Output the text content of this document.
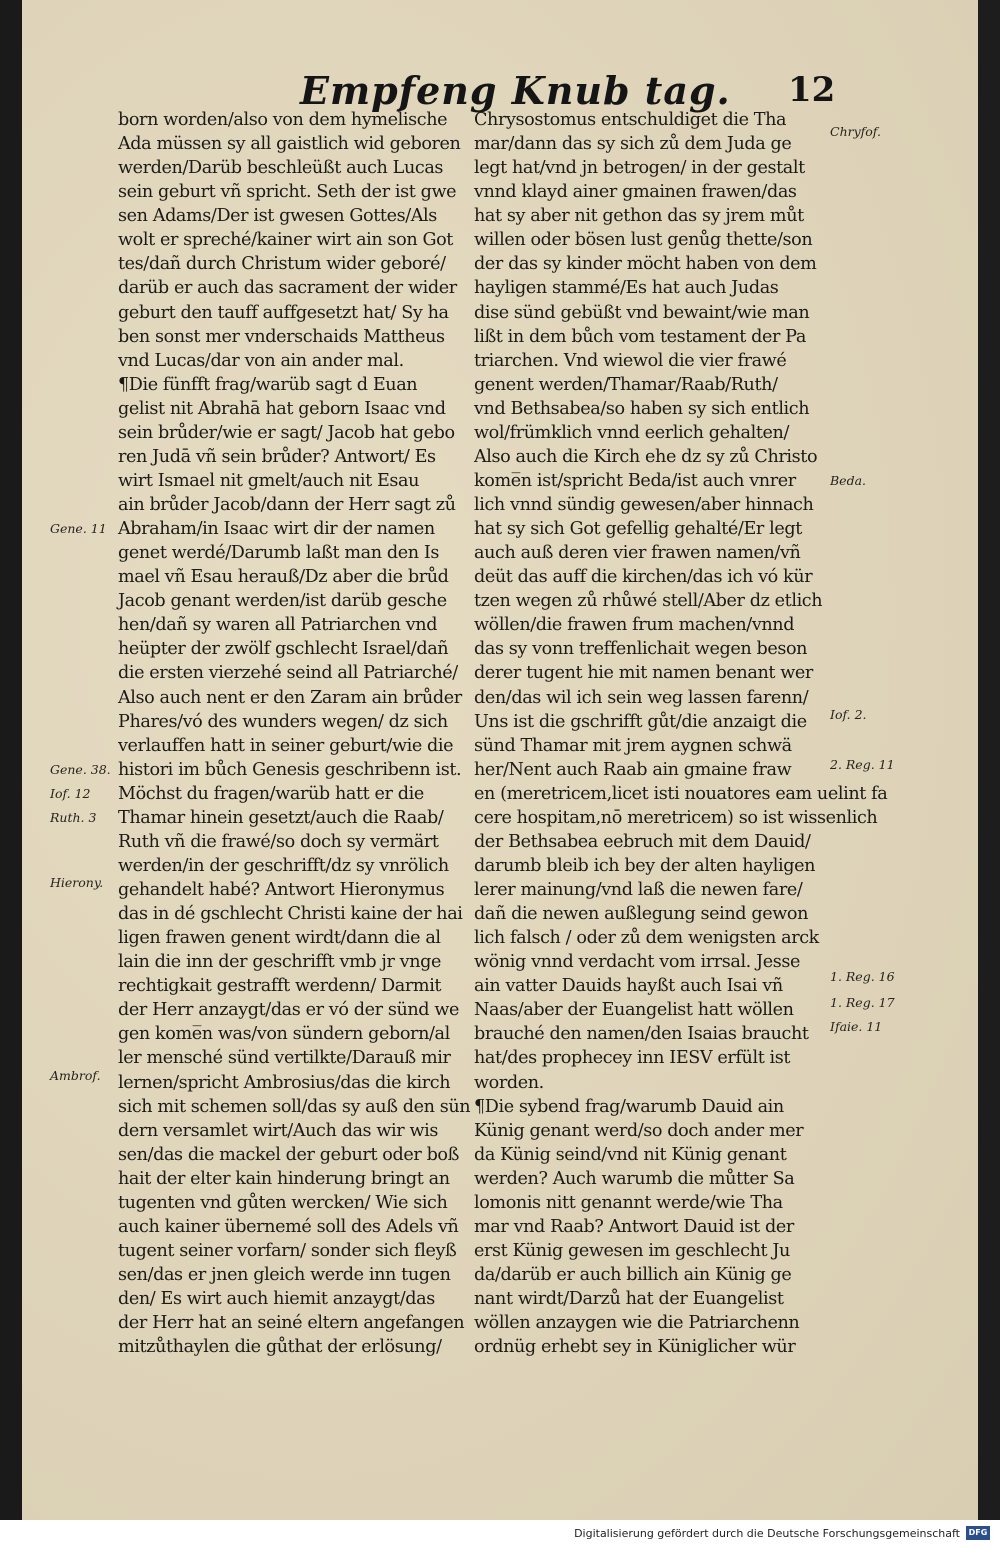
Empfeng Knub tag. 12
born worden/also von dem hymelische
Ada müssen sy all gaistlich wid geboren
werden/Darüb beschleüßt auch Lucas
sein geburt vñ spricht. Seth der ist gwe
sen Adams/Der ist gwesen Gottes/Als
wolt er spreché/kainer wirt ain son Got
tes/dañ durch Christum wider geboré/
darüb er auch das sacrament der wider
geburt den tauff auffgesetzt hat/ Sy ha
ben sonst mer vnderschaids Mattheus
vnd Lucas/dar von ain ander mal.
¶Die fünfft frag/warüb sagt d Euan
gelist nit Abrahā hat geborn Isaac vnd
sein brůder/wie er sagt/ Jacob hat gebo
ren Judā vñ sein brůder? Antwort/ Es
wirt Ismael nit gmelt/auch nit Esau
ain brůder Jacob/dann der Herr sagt zů
Abraham/in Isaac wirt dir der namen
genet werdé/Darumb laßt man den Is
mael vñ Esau herauß/Dz aber die brůd
Jacob genant werden/ist darüb gesche
hen/dañ sy waren all Patriarchen vnd
heüpter der zwölf gschlecht Israel/dañ
die ersten vierzehé seind all Patriarché/
Also auch nent er den Zaram ain brůder
Phares/vó des wunders wegen/ dz sich
verlauffen hatt in seiner geburt/wie die
histori im bůch Genesis geschribenn ist.
Möchst du fragen/warüb hatt er die
Thamar hinein gesetzt/auch die Raab/
Ruth vñ die frawé/so doch sy vermärt
werden/in der geschrifft/dz sy vnrölich
gehandelt habé? Antwort Hieronymus
das in dé gschlecht Christi kaine der hai
ligen frawen genent wirdt/dann die al
lain die inn der geschrifft vmb jr vnge
rechtigkait gestrafft werdenn/ Darmit
der Herr anzaygt/das er vó der sünd we
gen kome̅n was/von sündern geborn/al
ler mensché sünd vertilkte/Darauß mir
lernen/spricht Ambrosius/das die kirch
sich mit schemen soll/das sy auß den sün
dern versamlet wirt/Auch das wir wis
sen/das die mackel der geburt oder boß
hait der elter kain hinderung bringt an
tugenten vnd gůten wercken/ Wie sich
auch kainer übernemé soll des Adels vñ
tugent seiner vorfarn/ sonder sich fleyß
sen/das er jnen gleich werde inn tugen
den/ Es wirt auch hiemit anzaygt/das
der Herr hat an seiné eltern angefangen
mitzůthaylen die gůthat der erlösung/
Chrysostomus entschuldiget die Tha
mar/dann das sy sich zů dem Juda ge
legt hat/vnd jn betrogen/ in der gestalt
vnnd klayd ainer gmainen frawen/das
hat sy aber nit gethon das sy jrem můt
willen oder bösen lust genůg thette/son
der das sy kinder möcht haben von dem
hayligen stammé/Es hat auch Judas
dise sünd gebüßt vnd bewaint/wie man
lißt in dem bůch vom testament der Pa
triarchen. Vnd wiewol die vier frawé
genent werden/Thamar/Raab/Ruth/
vnd Bethsabea/so haben sy sich entlich
wol/frümklich vnnd eerlich gehalten/
Also auch die Kirch ehe dz sy zů Christo
kome̅n ist/spricht Beda/ist auch vnrer
lich vnnd sündig gewesen/aber hinnach
hat sy sich Got gefellig gehalté/Er legt
auch auß deren vier frawen namen/vñ
deüt das auff die kirchen/das ich vó kür
tzen wegen zů rhůwé stell/Aber dz etlich
wöllen/die frawen frum machen/vnnd
das sy vonn treffenlichait wegen beson
derer tugent hie mit namen benant wer
den/das wil ich sein weg lassen farenn/
Uns ist die gschrifft gůt/die anzaigt die
sünd Thamar mit jrem aygnen schwä
her/Nent auch Raab ain gmaine fraw
en (meretricem,licet isti nouatores eam uelint fa
cere hospitam,nō meretricem) so ist wissenlich
der Bethsabea eebruch mit dem Dauid/
darumb bleib ich bey der alten hayligen
lerer mainung/vnd laß die newen fare/
dañ die newen außlegung seind gewon
lich falsch / oder zů dem wenigsten arck
wönig vnnd verdacht vom irrsal. Jesse
ain vatter Dauids hayßt auch Isai vñ
Naas/aber der Euangelist hatt wöllen
brauché den namen/den Isaias braucht
hat/des prophecey inn IESV erfült ist
worden.
¶Die sybend frag/warumb Dauid ain
Künig genant werd/so doch ander mer
da Künig seind/vnd nit Künig genant
werden? Auch warumb die můtter Sa
lomonis nitt genannt werde/wie Tha
mar vnd Raab? Antwort Dauid ist der
erst Künig gewesen im geschlecht Ju
da/darüb er auch billich ain Künig ge
nant wirdt/Darzů hat der Euangelist
wöllen anzaygen wie die Patriarchenn
ordnüg erhebt sey in Küniglicher wür
Gene. 11
Gene. 38.
Iof. 12
Ruth. 3
Hierony.
Ambrof.
Chryfof.
Beda.
Iof. 2.
2. Reg. 11
1. Reg. 16
1. Reg. 17
Ifaie. 11
Digitalisierung gefördert durch die Deutsche Forschungsgemeinschaft	DFG
